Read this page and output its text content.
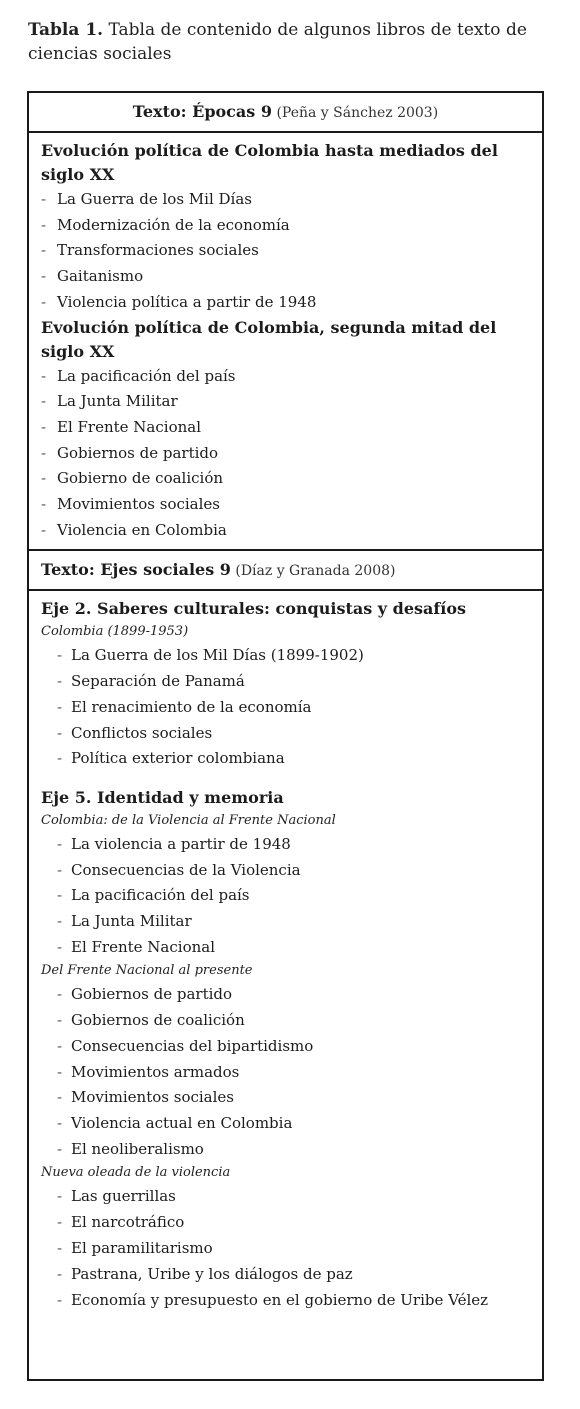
Tabla 1. Tabla de contenido de algunos libros de texto de ciencias sociales
Texto: Épocas 9 (Peña y Sánchez 2003)
Evolución política de Colombia hasta mediados del siglo XX
- La Guerra de los Mil Días
- Modernización de la economía
- Transformaciones sociales
- Gaitanismo
- Violencia política a partir de 1948
Evolución política de Colombia, segunda mitad del siglo XX
- La pacificación del país
- La Junta Militar
- El Frente Nacional
- Gobiernos de partido
- Gobierno de coalición
- Movimientos sociales
- Violencia en Colombia
Texto: Ejes sociales 9 (Díaz y Granada 2008)
Eje 2. Saberes culturales: conquistas y desafíos
Colombia (1899-1953)
- La Guerra de los Mil Días (1899-1902)
- Separación de Panamá
- El renacimiento de la economía
- Conflictos sociales
- Política exterior colombiana
Eje 5. Identidad y memoria
Colombia: de la Violencia al Frente Nacional
- La violencia a partir de 1948
- Consecuencias de la Violencia
- La pacificación del país
- La Junta Militar
- El Frente Nacional
Del Frente Nacional al presente
- Gobiernos de partido
- Gobiernos de coalición
- Consecuencias del bipartidismo
- Movimientos armados
- Movimientos sociales
- Violencia actual en Colombia
- El neoliberalismo
Nueva oleada de la violencia
- Las guerrillas
- El narcotráfico
- El paramilitarismo
- Pastrana, Uribe y los diálogos de paz
- Economía y presupuesto en el gobierno de Uribe Vélez
